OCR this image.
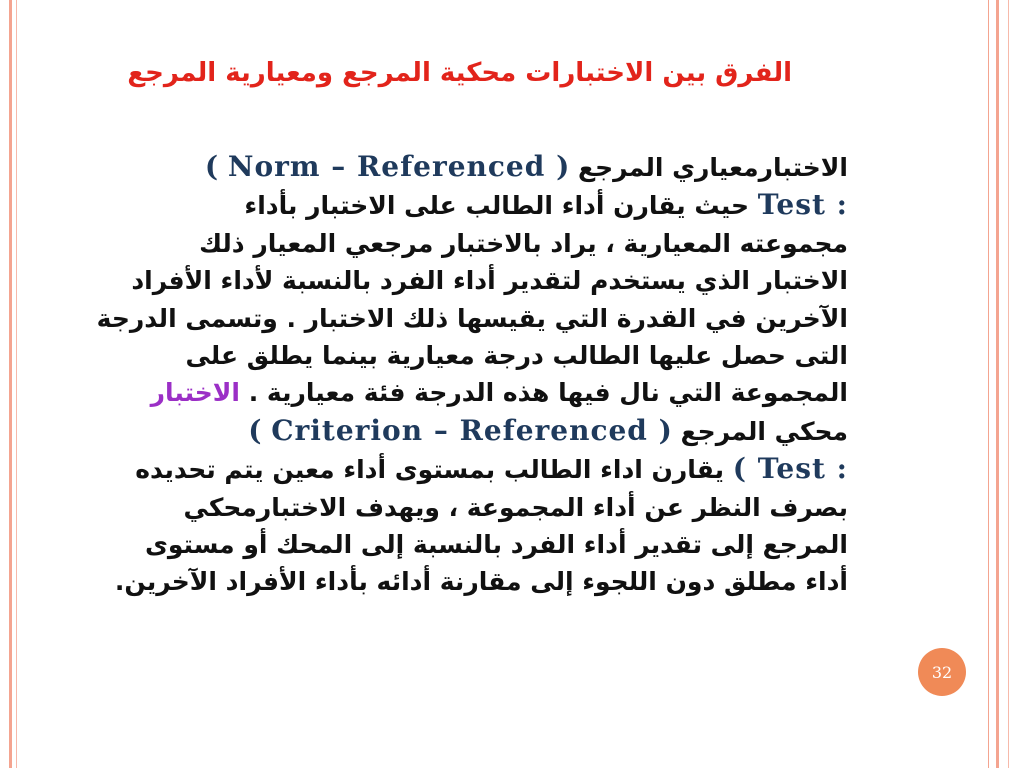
الفرق بين الاختبارات محكية المرجع ومعيارية المرجع
الاختبارمعياري المرجع ( Norm – Referenced )
Test : حيث يقارن أداء الطالب على الاختبار بأداء
مجموعته المعيارية ، يراد بالاختبار مرجعي المعيار ذلك
الاختبار الذي يستخدم لتقدير أداء الفرد بالنسبة لأداء الأفراد
الآخرين في القدرة التي يقيسها ذلك الاختبار . وتسمى الدرجة
التى حصل عليها الطالب درجة معيارية بينما يطلق على
المجموعة التي نال فيها هذه الدرجة فئة معيارية . الاختبار
محكي المرجع ( Criterion – Referenced )
( Test : يقارن اداء الطالب بمستوى أداء معين يتم تحديده
بصرف النظر عن أداء المجموعة ، ويهدف الاختبارمحكي
المرجع إلى تقدير أداء الفرد بالنسبة إلى المحك أو مستوى
أداء مطلق دون اللجوء إلى مقارنة أدائه بأداء الأفراد الآخرين.
32
